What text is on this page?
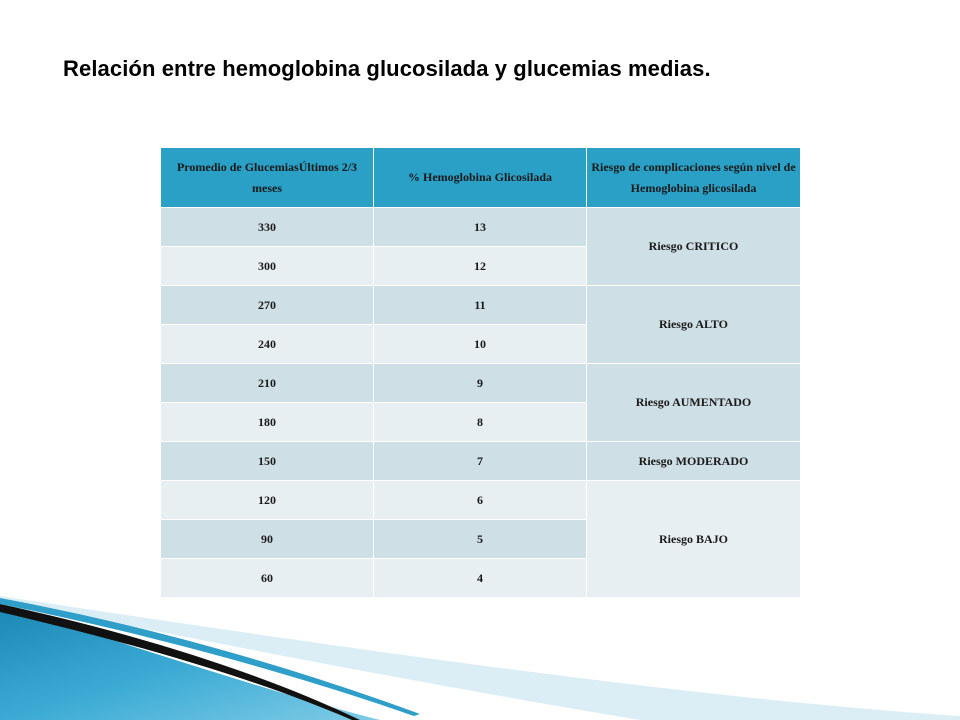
Relación entre hemoglobina glucosilada y glucemias medias.
Promedio de GlucemiasÚltimos 2/3 meses	% Hemoglobina Glicosilada	Riesgo de complicaciones según nivel de Hemoglobina glicosilada
330	13	Riesgo CRITICO
300	12	
270	11	Riesgo ALTO
240	10	
210	9	Riesgo AUMENTADO
180	8	
150	7	Riesgo MODERADO
120	6	Riesgo BAJO
90	5	
60	4	
